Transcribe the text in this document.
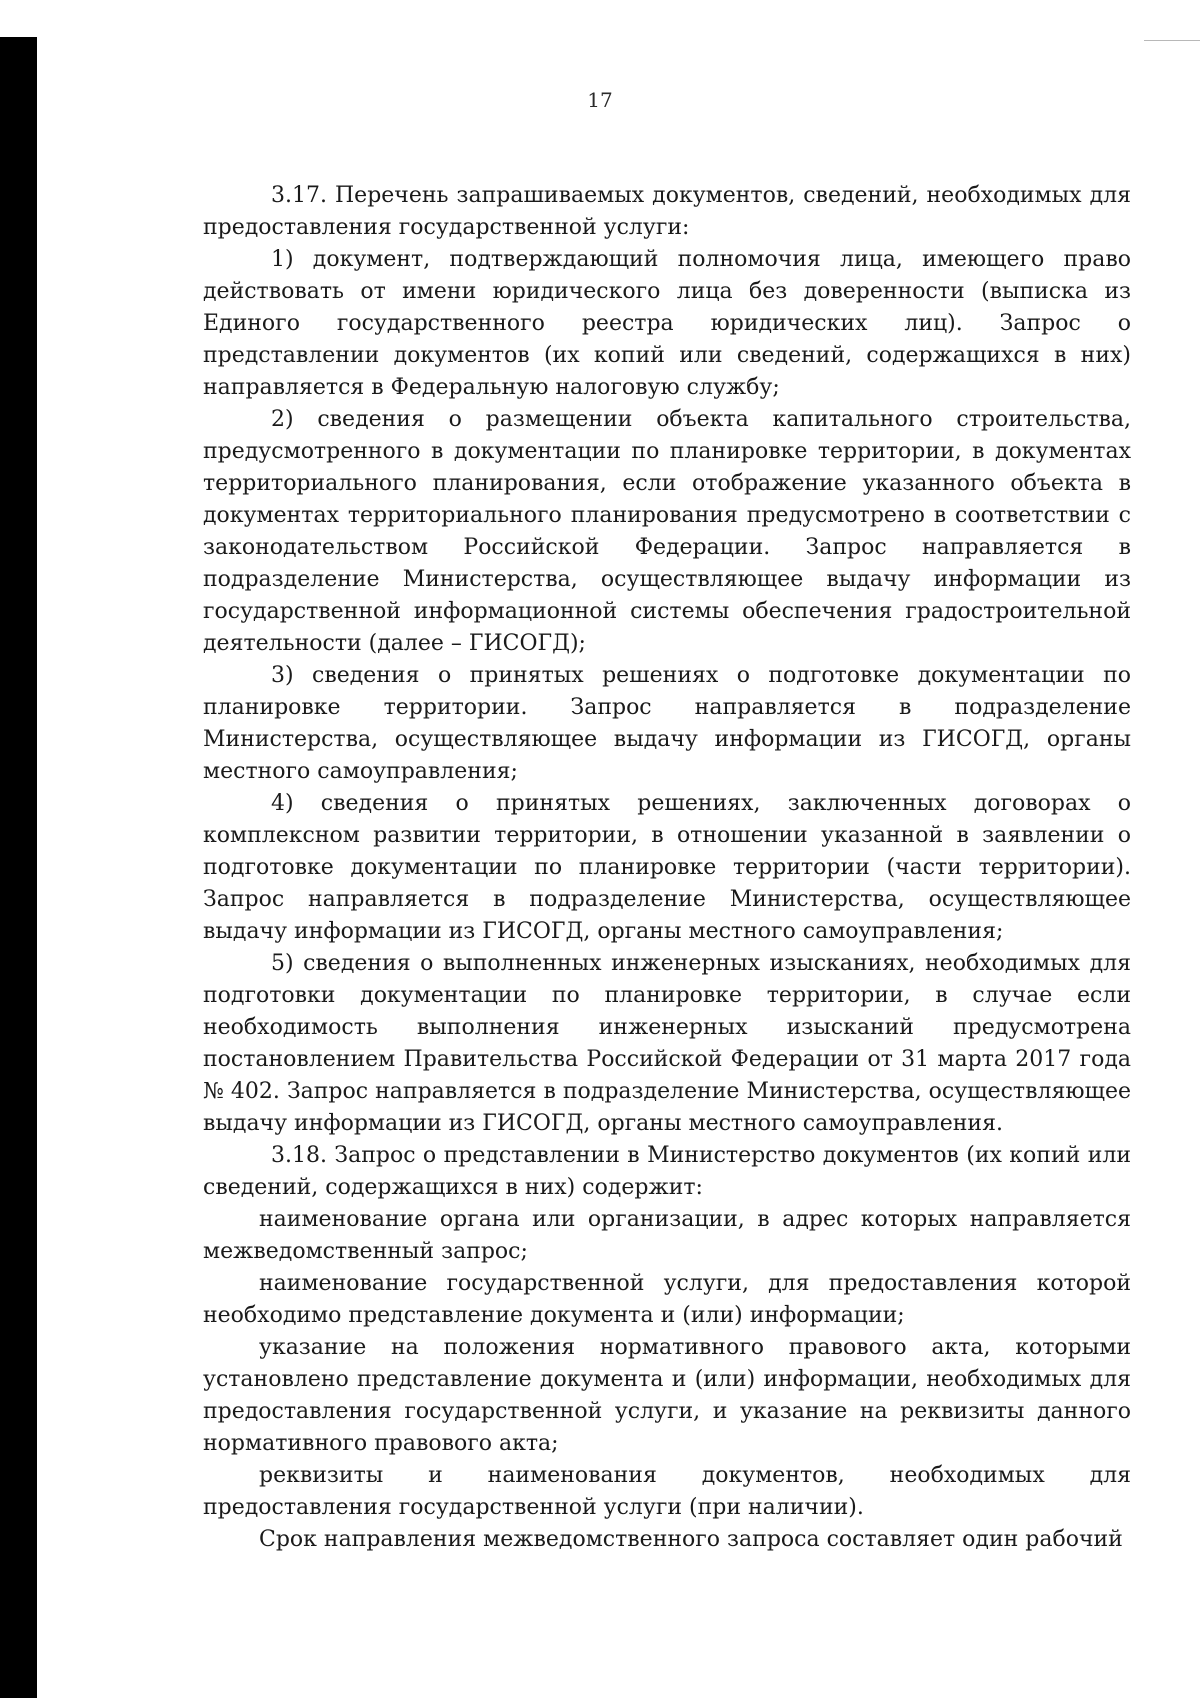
17

3.17. Перечень запрашиваемых документов, сведений, необходимых для предоставления государственной услуги:

1) документ, подтверждающий полномочия лица, имеющего право действовать от имени юридического лица без доверенности (выписка из Единого государственного реестра юридических лиц). Запрос о представлении документов (их копий или сведений, содержащихся в них) направляется в Федеральную налоговую службу;

2) сведения о размещении объекта капитального строительства, предусмотренного в документации по планировке территории, в документах территориального планирования, если отображение указанного объекта в документах территориального планирования предусмотрено в соответствии с законодательством Российской Федерации. Запрос направляется в подразделение Министерства, осуществляющее выдачу информации из государственной информационной системы обеспечения градостроительной деятельности (далее – ГИСОГД);

3) сведения о принятых решениях о подготовке документации по планировке территории. Запрос направляется в подразделение Министерства, осуществляющее выдачу информации из ГИСОГД, органы местного самоуправления;

4) сведения о принятых решениях, заключенных договорах о комплексном развитии территории, в отношении указанной в заявлении о подготовке документации по планировке территории (части территории). Запрос направляется в подразделение Министерства, осуществляющее выдачу информации из ГИСОГД, органы местного самоуправления;

5) сведения о выполненных инженерных изысканиях, необходимых для подготовки документации по планировке территории, в случае если необходимость выполнения инженерных изысканий предусмотрена постановлением Правительства Российской Федерации от 31 марта 2017 года № 402. Запрос направляется в подразделение Министерства, осуществляющее выдачу информации из ГИСОГД, органы местного самоуправления.

3.18. Запрос о представлении в Министерство документов (их копий или сведений, содержащихся в них) содержит:

наименование органа или организации, в адрес которых направляется межведомственный запрос;

наименование государственной услуги, для предоставления которой необходимо представление документа и (или) информации;

указание на положения нормативного правового акта, которыми установлено представление документа и (или) информации, необходимых для предоставления государственной услуги, и указание на реквизиты данного нормативного правового акта;

реквизиты и наименования документов, необходимых для предоставления государственной услуги (при наличии).

Срок направления межведомственного запроса составляет один рабочий
